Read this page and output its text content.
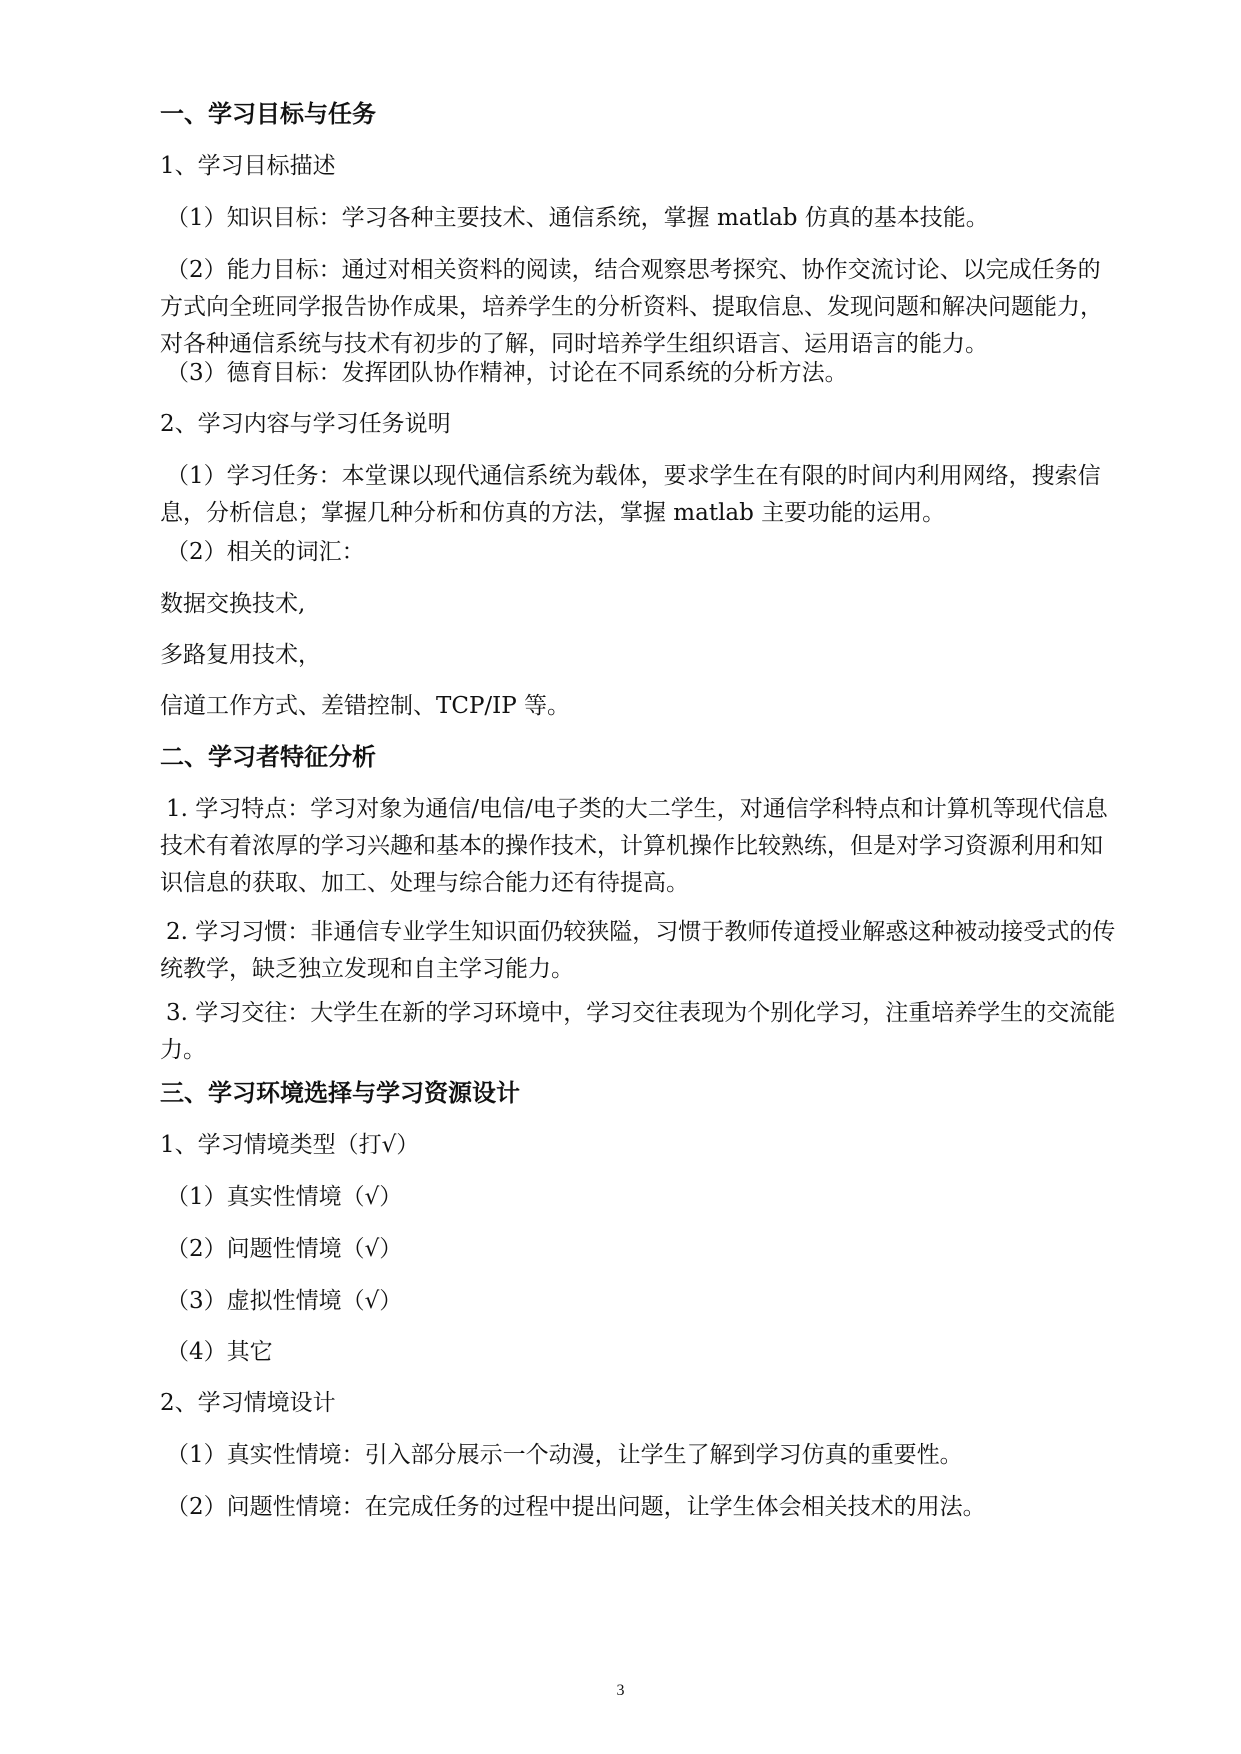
一、学习目标与任务
1、学习目标描述
（1）知识目标：学习各种主要技术、通信系统，掌握 matlab 仿真的基本技能。
（2）能力目标：通过对相关资料的阅读，结合观察思考探究、协作交流讨论、以完成任务的方式向全班同学报告协作成果，培养学生的分析资料、提取信息、发现问题和解决问题能力，对各种通信系统与技术有初步的了解，同时培养学生组织语言、运用语言的能力。
（3）德育目标：发挥团队协作精神，讨论在不同系统的分析方法。
2、学习内容与学习任务说明
（1）学习任务：本堂课以现代通信系统为载体，要求学生在有限的时间内利用网络，搜索信息，分析信息；掌握几种分析和仿真的方法，掌握 matlab 主要功能的运用。
（2）相关的词汇：
数据交换技术,
多路复用技术，
信道工作方式、差错控制、TCP/IP 等。
二、学习者特征分析
1. 学习特点：学习对象为通信/电信/电子类的大二学生，对通信学科特点和计算机等现代信息技术有着浓厚的学习兴趣和基本的操作技术，计算机操作比较熟练，但是对学习资源利用和知识信息的获取、加工、处理与综合能力还有待提高。
2. 学习习惯：非通信专业学生知识面仍较狭隘，习惯于教师传道授业解惑这种被动接受式的传统教学，缺乏独立发现和自主学习能力。
3. 学习交往：大学生在新的学习环境中，学习交往表现为个别化学习，注重培养学生的交流能力。
三、学习环境选择与学习资源设计
1、学习情境类型（打√）
（1）真实性情境（√）
（2）问题性情境（√）
（3）虚拟性情境（√）
（4）其它
2、学习情境设计
（1）真实性情境：引入部分展示一个动漫，让学生了解到学习仿真的重要性。
（2）问题性情境：在完成任务的过程中提出问题，让学生体会相关技术的用法。
3
